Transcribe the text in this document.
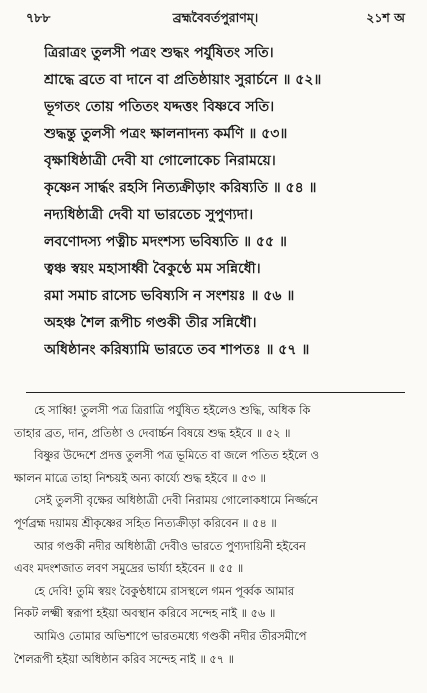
৭৮৮	ব্রহ্মবৈবর্তপুরাণম্‌।	২১শ অ
ত্রিরাত্রং তুলসী পত্রং শুদ্ধং পর্যুষিতং সতি।
শ্রাদ্ধে ব্রতে বা দানে বা প্রতিষ্ঠায়াং সুরার্চনে ॥ ৫২॥
ভূগতং তোয় পতিতং যদ্দত্তং বিষ্ণবে সতি।
শুদ্ধন্তু তুলসী পত্রং ক্ষালনাদন্য কর্মণি ॥ ৫৩॥
বৃক্ষাধিষ্ঠাত্রী দেবী যা গোলোকেচ নিরাময়ে।
কৃষ্ণেন সার্দ্ধং রহসি নিত্যক্রীড়াং করিষ্যতি ॥ ৫৪ ॥
নদ্যধিষ্ঠাত্রী দেবী যা ভারতেচ সুপুণ্যদা।
লবণোদস্য পত্নীচ মদংশস্য ভবিষ্যতি ॥ ৫৫ ॥
ত্বঞ্চ স্বয়ং মহাসাধ্বী বৈকুণ্ঠে মম সন্নিধৌ।
রমা সমাচ রাসেচ ভবিষ্যসি ন সংশয়ঃ ॥ ৫৬ ॥
অহঞ্চ শৈল রূপীচ গণ্ডকী তীর সন্নিধৌ।
অধিষ্ঠানং করিষ্যামি ভারতে তব শাপতঃ ॥ ৫৭ ॥
হে সাধ্বি! তুলসী পত্র ত্রিরাত্রি পর্যুষিত হইলেও শুদ্ধি, অধিক কি
তাহার ব্রত, দান, প্রতিষ্ঠা ও দেবার্চ্চন বিষয়ে শুদ্ধ হইবে ॥ ৫২ ॥
বিষ্ণুর উদ্দেশে প্রদত্ত তুলসী পত্র ভূমিতে বা জলে পতিত হইলে ও
ক্ষালন মাত্রে তাহা নিশ্চয়ই অন্য কার্য্যে শুদ্ধ হইবে ॥ ৫৩ ॥
সেই তুলসী বৃক্ষের অধিষ্ঠাত্রী দেবী নিরাময় গোলোকধামে নির্জ্জনে
পূর্ণব্রহ্ম দয়াময় শ্রীকৃষ্ণের সহিত নিত্যক্রীড়া করিবেন ॥ ৫৪ ॥
আর গণ্ডকী নদীর অধিষ্ঠাত্রী দেবীও ভারতে পুণ্যদায়িনী হইবেন
এবং মদংশজাত লবণ সমুদ্রের ভার্য্যা হইবেন ॥ ৫৫ ॥
হে দেবি! তুমি স্বয়ং বৈকুণ্ঠধামে রাসস্থলে গমন পূর্ব্বক আমার
নিকট লক্ষ্মী স্বরূপা হইয়া অবস্থান করিবে সন্দেহ নাই ॥ ৫৬ ॥
আমিও তোমার অভিশাপে ভারতমধ্যে গণ্ডকী নদীর তীরসমীপে
শৈলরূপী হইয়া অধিষ্ঠান করিব সন্দেহ নাই ॥ ৫৭ ॥
